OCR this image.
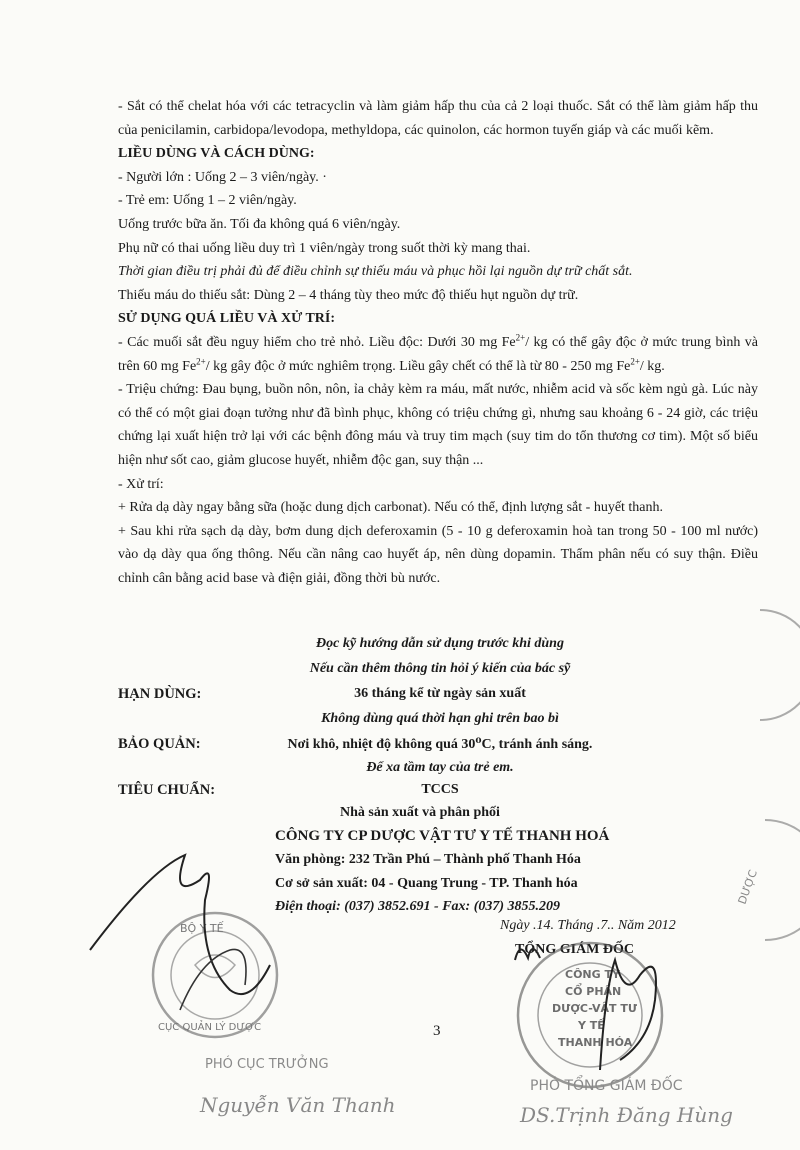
- Sắt có thể chelat hóa với các tetracyclin và làm giảm hấp thu của cả 2 loại thuốc. Sắt có thể làm giảm hấp thu của penicilamin, carbidopa/levodopa, methyldopa, các quinolon, các hormon tuyến giáp và các muối kẽm.

LIỀU DÙNG VÀ CÁCH DÙNG:

- Người lớn : Uống 2 – 3 viên/ngày. ·

- Trẻ em: Uống 1 – 2 viên/ngày.

Uống trước bữa ăn. Tối đa không quá 6 viên/ngày.

Phụ nữ có thai uống liều duy trì 1 viên/ngày trong suốt thời kỳ mang thai.

Thời gian điều trị phải đủ để điều chỉnh sự thiếu máu và phục hồi lại nguồn dự trữ chất sắt.

Thiếu máu do thiếu sắt: Dùng 2 – 4 tháng tùy theo mức độ thiếu hụt nguồn dự trữ.

SỬ DỤNG QUÁ LIỀU VÀ XỬ TRÍ:

- Các muối sắt đều nguy hiểm cho trẻ nhỏ. Liều độc: Dưới 30 mg $Fe^{2+}/$ kg có thể gây độc ở mức trung bình và trên 60 mg $Fe^{2+}/$ kg gây độc ở mức nghiêm trọng. Liều gây chết có thể là từ 80 - 250 mg $Fe^{2+}/$ kg.

- Triệu chứng: Đau bụng, buồn nôn, nôn, ỉa chảy kèm ra máu, mất nước, nhiễm acid và sốc kèm ngủ gà. Lúc này có thể có một giai đoạn tưởng như đã bình phục, không có triệu chứng gì, nhưng sau khoảng 6 - 24 giờ, các triệu chứng lại xuất hiện trở lại với các bệnh đông máu và truy tim mạch (suy tim do tổn thương cơ tim). Một số biểu hiện như sốt cao, giảm glucose huyết, nhiễm độc gan, suy thận ...

- Xử trí:

+ Rửa dạ dày ngay bằng sữa (hoặc dung dịch carbonat). Nếu có thể, định lượng sắt - huyết thanh.

+ Sau khi rửa sạch dạ dày, bơm dung dịch deferoxamin (5 - 10 g deferoxamin hoà tan trong 50 - 100 ml nước) vào dạ dày qua ống thông. Nếu cần nâng cao huyết áp, nên dùng dopamin. Thẩm phân nếu có suy thận. Điều chỉnh cân bằng acid base và điện giải, đồng thời bù nước.

Đọc kỹ hướng dẫn sử dụng trước khi dùng
Nếu cần thêm thông tin hỏi ý kiến của bác sỹ
HẠN DÙNG:	36 tháng kể từ ngày sản xuất
Không dùng quá thời hạn ghi trên bao bì
BẢO QUẢN:	Nơi khô, nhiệt độ không quá 30⁰C, tránh ánh sáng.
Để xa tầm tay của trẻ em.
TIÊU CHUẨN:	TCCS
Nhà sản xuất và phân phối
CÔNG TY CP DƯỢC VẬT TƯ Y TẾ THANH HOÁ
Văn phòng: 232 Trần Phú – Thành phố Thanh Hóa
Cơ sở sản xuất: 04 - Quang Trung - TP. Thanh hóa
Điện thoại: (037) 3852.691 - Fax: (037) 3855.209
Ngày .14. Tháng .7.. Năm 2012
TỔNG GIÁM ĐỐC
3
BỘ Y TẾ
CỤC QUẢN LÝ DƯỢC
PHÓ CỤC TRƯỞNG
Nguyễn Văn Thanh
CÔNG TY
CỔ PHẦN
DƯỢC-VẬT TƯ
Y TẾ
THANH HÓA
PHÓ TỔNG GIÁM ĐỐC
DS.Trịnh Đăng Hùng
DƯỢC
